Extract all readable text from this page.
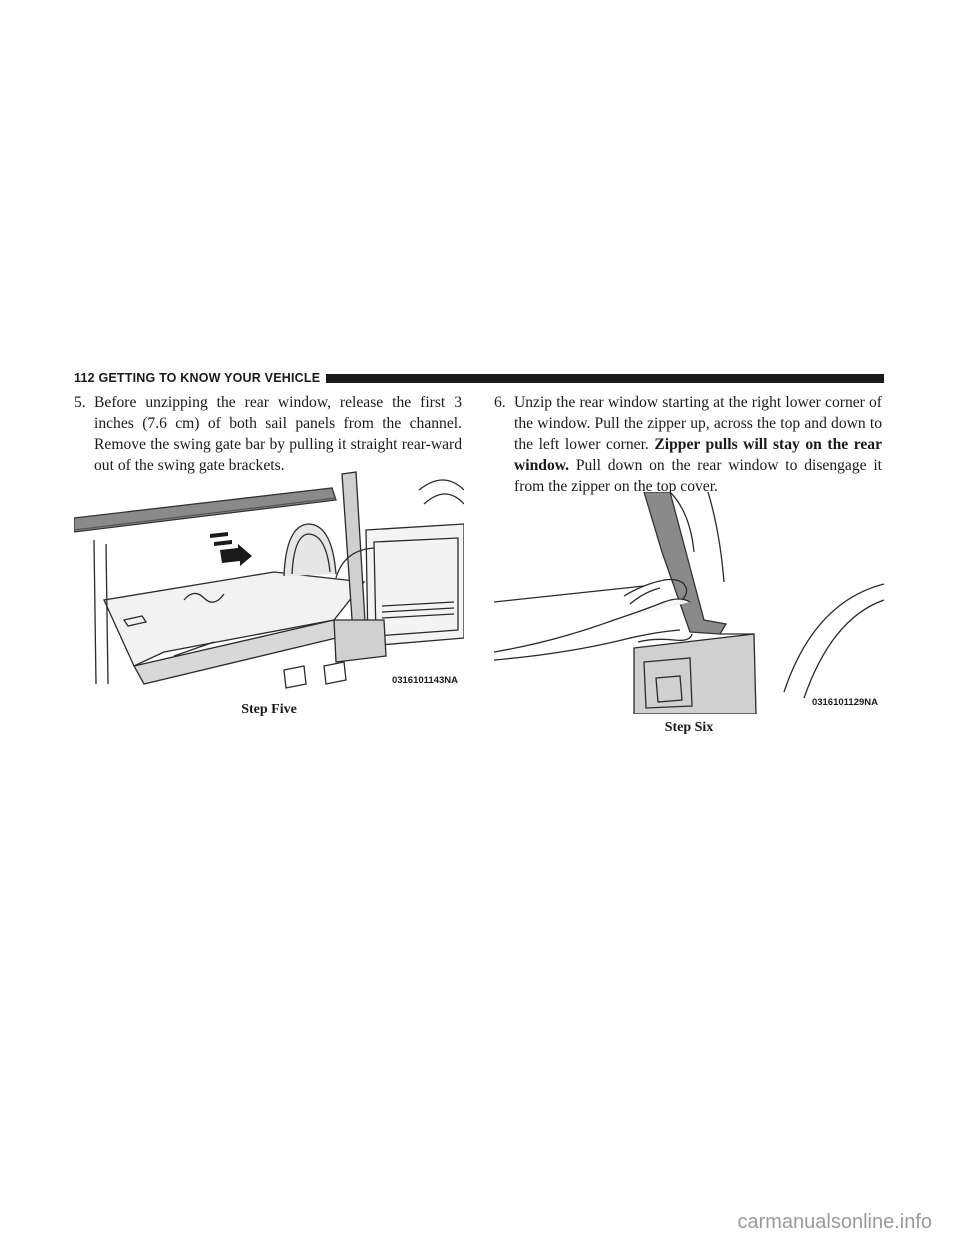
112 GETTING TO KNOW YOUR VEHICLE
5. Before unzipping the rear window, release the first 3 inches (7.6 cm) of both sail panels from the channel. Remove the swing gate bar by pulling it straight rear-ward out of the swing gate brackets.
6. Unzip the rear window starting at the right lower corner of the window. Pull the zipper up, across the top and down to the left lower corner. Zipper pulls will stay on the rear window. Pull down on the rear window to disengage it from the zipper on the top cover.
0316101143NA
Step Five	0316101129NA
Step Six
carmanualsonline.info
